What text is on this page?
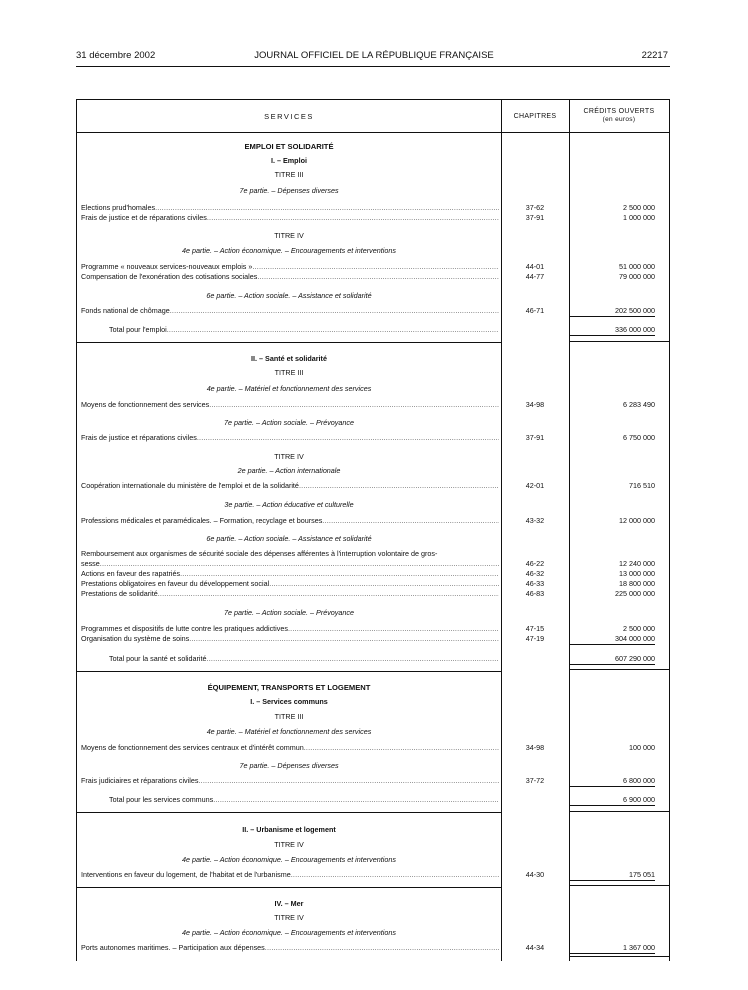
31 décembre 2002	JOURNAL OFFICIEL DE LA RÉPUBLIQUE FRANÇAISE	22217
SERVICES	CHAPITRES
CRÉDITS OUVERTS
(en euros)
EMPLOI ET SOLIDARITÉ
I. – Emploi
TITRE III
7e partie. – Dépenses diverses
Elections prud'homales .....	37-62	2 500 000
Frais de justice et de réparations civiles .....	37-91	1 000 000
TITRE IV
4e partie. – Action économique. – Encouragements et interventions
Programme « nouveaux services-nouveaux emplois » .....	44-01	51 000 000
Compensation de l'exonération des cotisations sociales .....	44-77	79 000 000
6e partie. – Action sociale. – Assistance et solidarité
Fonds national de chômage .....	46-71	202 500 000
Total pour l'emploi .....	336 000 000
II. – Santé et solidarité
TITRE III
4e partie. – Matériel et fonctionnement des services
Moyens de fonctionnement des services .....	34-98	6 283 490
7e partie. – Action sociale. – Prévoyance
Frais de justice et réparations civiles .....	37-91	6 750 000
TITRE IV
2e partie. – Action internationale
Coopération internationale du ministère de l'emploi et de la solidarité .....	42-01	716 510
3e partie. – Action éducative et culturelle
Professions médicales et paramédicales. – Formation, recyclage et bourses .....	43-32	12 000 000
6e partie. – Action sociale. – Assistance et solidarité
Remboursement aux organismes de sécurité sociale des dépenses afférentes à l'interruption volontaire de gros-
sesse .....	46-22	12 240 000
Actions en faveur des rapatriés .....	46-32	13 000 000
Prestations obligatoires en faveur du développement social .....	46-33	18 800 000
Prestations de solidarité .....	46-83	225 000 000
7e partie. – Action sociale. – Prévoyance
Programmes et dispositifs de lutte contre les pratiques addictives .....	47-15	2 500 000
Organisation du système de soins .....	47-19	304 000 000
Total pour la santé et solidarité .....	607 290 000
ÉQUIPEMENT, TRANSPORTS ET LOGEMENT
I. – Services communs
TITRE III
4e partie. – Matériel et fonctionnement des services
Moyens de fonctionnement des services centraux et d'intérêt commun .....	34-98	100 000
7e partie. – Dépenses diverses
Frais judiciaires et réparations civiles .....	37-72	6 800 000
Total pour les services communs .....	6 900 000
II. – Urbanisme et logement
TITRE IV
4e partie. – Action économique. – Encouragements et interventions
Interventions en faveur du logement, de l'habitat et de l'urbanisme .....	44-30	175 051
IV. – Mer
TITRE IV
4e partie. – Action économique. – Encouragements et interventions
Ports autonomes maritimes. – Participation aux dépenses .....	44-34	1 367 000
